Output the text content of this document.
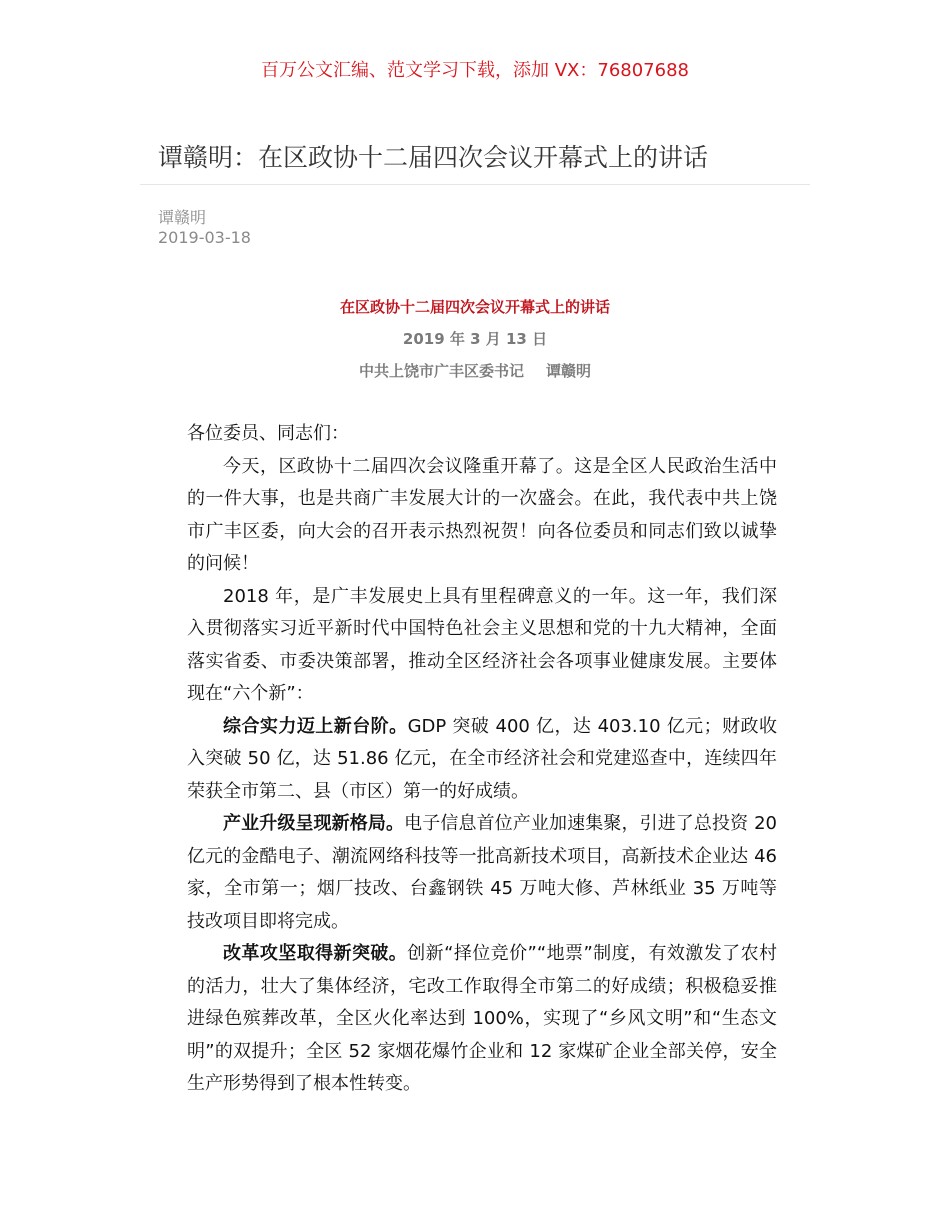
百万公文汇编、范文学习下载，添加 VX：76807688
谭赣明：在区政协十二届四次会议开幕式上的讲话
谭赣明
2019-03-18
在区政协十二届四次会议开幕式上的讲话
2019 年 3 月 13 日
中共上饶市广丰区委书记 谭赣明

各位委员、同志们：

今天，区政协十二届四次会议隆重开幕了。这是全区人民政治生活中的一件大事，也是共商广丰发展大计的一次盛会。在此，我代表中共上饶市广丰区委，向大会的召开表示热烈祝贺！向各位委员和同志们致以诚挚的问候！

2018 年，是广丰发展史上具有里程碑意义的一年。这一年，我们深入贯彻落实习近平新时代中国特色社会主义思想和党的十九大精神，全面落实省委、市委决策部署，推动全区经济社会各项事业健康发展。主要体现在“六个新”：

综合实力迈上新台阶。GDP 突破 400 亿，达 403.10 亿元；财政收入突破 50 亿，达 51.86 亿元，在全市经济社会和党建巡查中，连续四年荣获全市第二、县（市区）第一的好成绩。

产业升级呈现新格局。电子信息首位产业加速集聚，引进了总投资 20 亿元的金酷电子、潮流网络科技等一批高新技术项目，高新技术企业达 46 家，全市第一；烟厂技改、台鑫钢铁 45 万吨大修、芦林纸业 35 万吨等技改项目即将完成。

改革攻坚取得新突破。创新“择位竞价”“地票”制度，有效激发了农村的活力，壮大了集体经济，宅改工作取得全市第二的好成绩；积极稳妥推进绿色殡葬改革，全区火化率达到 100%，实现了“乡风文明”和“生态文明”的双提升；全区 52 家烟花爆竹企业和 12 家煤矿企业全部关停，安全生产形势得到了根本性转变。
